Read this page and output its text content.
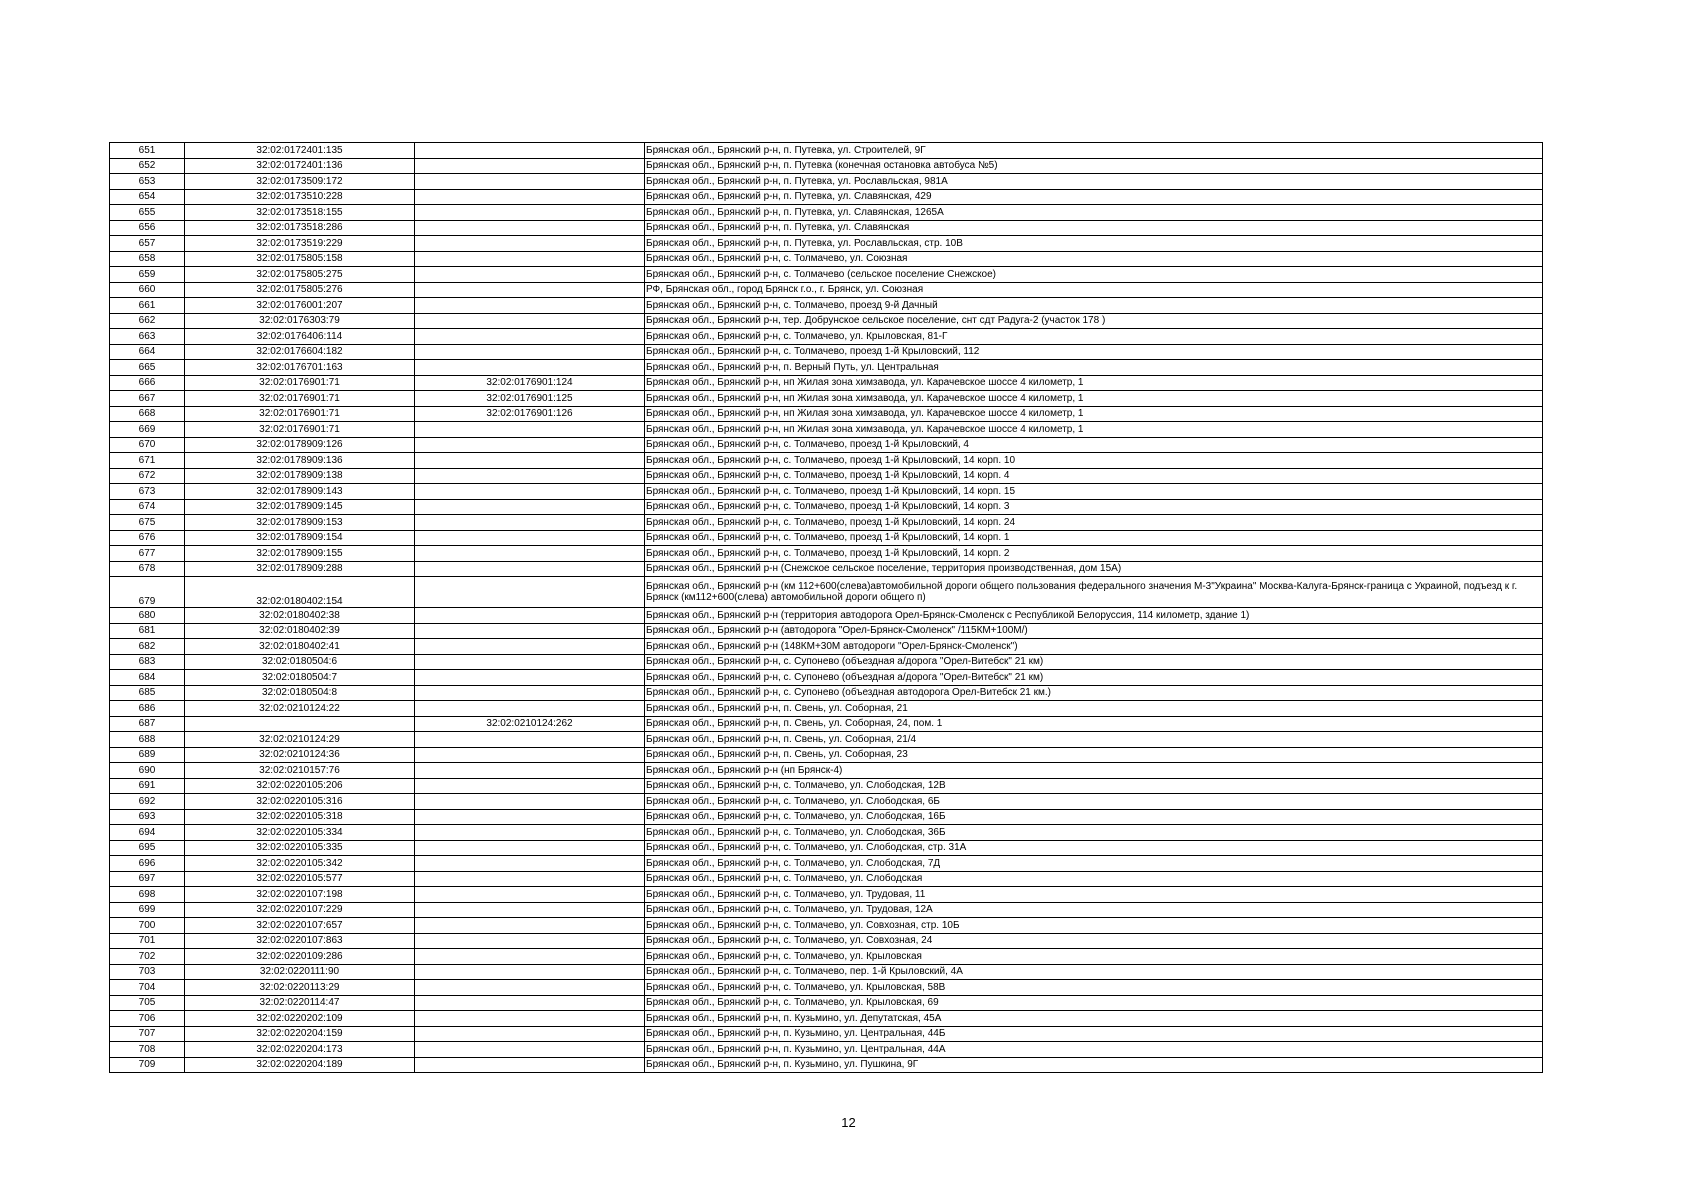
651	32:02:0172401:135		Брянская обл., Брянский р-н, п. Путевка, ул. Строителей, 9Г
652	32:02:0172401:136		Брянская обл., Брянский р-н, п. Путевка (конечная остановка автобуса №5)
653	32:02:0173509:172		Брянская обл., Брянский р-н, п. Путевка, ул. Рославльская, 981А
654	32:02:0173510:228		Брянская обл., Брянский р-н, п. Путевка, ул. Славянская, 429
655	32:02:0173518:155		Брянская обл., Брянский р-н, п. Путевка, ул. Славянская, 1265А
656	32:02:0173518:286		Брянская обл., Брянский р-н, п. Путевка, ул. Славянская
657	32:02:0173519:229		Брянская обл., Брянский р-н, п. Путевка, ул. Рославльская, стр. 10В
658	32:02:0175805:158		Брянская обл., Брянский р-н, с. Толмачево, ул. Союзная
659	32:02:0175805:275		Брянская обл., Брянский р-н, с. Толмачево (сельское поселение Снежское)
660	32:02:0175805:276		РФ, Брянская обл., город Брянск г.о., г. Брянск, ул. Союзная
661	32:02:0176001:207		Брянская обл., Брянский р-н, с. Толмачево, проезд 9-й Дачный
662	32:02:0176303:79		Брянская обл., Брянский р-н, тер. Добрунское сельское поселение, снт сдт Радуга-2 (участок 178 )
663	32:02:0176406:114		Брянская обл., Брянский р-н, с. Толмачево, ул. Крыловская, 81-Г
664	32:02:0176604:182		Брянская обл., Брянский р-н, с. Толмачево, проезд 1-й Крыловский, 112
665	32:02:0176701:163		Брянская обл., Брянский р-н, п. Верный Путь, ул. Центральная
666	32:02:0176901:71	32:02:0176901:124	Брянская обл., Брянский р-н, нп Жилая зона химзавода, ул. Карачевское шоссе 4 километр, 1
667	32:02:0176901:71	32:02:0176901:125	Брянская обл., Брянский р-н, нп Жилая зона химзавода, ул. Карачевское шоссе 4 километр, 1
668	32:02:0176901:71	32:02:0176901:126	Брянская обл., Брянский р-н, нп Жилая зона химзавода, ул. Карачевское шоссе 4 километр, 1
669	32:02:0176901:71		Брянская обл., Брянский р-н, нп Жилая зона химзавода, ул. Карачевское шоссе 4 километр, 1
670	32:02:0178909:126		Брянская обл., Брянский р-н, с. Толмачево, проезд 1-й Крыловский, 4
671	32:02:0178909:136		Брянская обл., Брянский р-н, с. Толмачево, проезд 1-й Крыловский, 14 корп. 10
672	32:02:0178909:138		Брянская обл., Брянский р-н, с. Толмачево, проезд 1-й Крыловский, 14 корп. 4
673	32:02:0178909:143		Брянская обл., Брянский р-н, с. Толмачево, проезд 1-й Крыловский, 14 корп. 15
674	32:02:0178909:145		Брянская обл., Брянский р-н, с. Толмачево, проезд 1-й Крыловский, 14 корп. 3
675	32:02:0178909:153		Брянская обл., Брянский р-н, с. Толмачево, проезд 1-й Крыловский, 14 корп. 24
676	32:02:0178909:154		Брянская обл., Брянский р-н, с. Толмачево, проезд 1-й Крыловский, 14 корп. 1
677	32:02:0178909:155		Брянская обл., Брянский р-н, с. Толмачево, проезд 1-й Крыловский, 14 корп. 2
678	32:02:0178909:288		Брянская обл., Брянский р-н (Снежское сельское поселение, территория производственная, дом 15А)
679	32:02:0180402:154		Брянская обл., Брянский р-н (км 112+600(слева)автомобильной дороги общего пользования федерального значения М-3"Украина" Москва-Калуга-Брянск-граница с Украиной, подъезд к г. Брянск (км112+600(слева) автомобильной дороги общего п)
680	32:02:0180402:38		Брянская обл., Брянский р-н (территория автодорога Орел-Брянск-Смоленск с Республикой Белоруссия, 114 километр, здание 1)
681	32:02:0180402:39		Брянская обл., Брянский р-н (автодорога "Орел-Брянск-Смоленск" /115КМ+100М/)
682	32:02:0180402:41		Брянская обл., Брянский р-н (148КМ+30М автодороги "Орел-Брянск-Смоленск")
683	32:02:0180504:6		Брянская обл., Брянский р-н, с. Супонево (объездная а/дорога "Орел-Витебск" 21 км)
684	32:02:0180504:7		Брянская обл., Брянский р-н, с. Супонево (объездная а/дорога "Орел-Витебск" 21 км)
685	32:02:0180504:8		Брянская обл., Брянский р-н, с. Супонево (объездная автодорога Орел-Витебск 21 км.)
686	32:02:0210124:22		Брянская обл., Брянский р-н, п. Свень, ул. Соборная, 21
687		32:02:0210124:262	Брянская обл., Брянский р-н, п. Свень, ул. Соборная, 24, пом. 1
688	32:02:0210124:29		Брянская обл., Брянский р-н, п. Свень, ул. Соборная, 21/4
689	32:02:0210124:36		Брянская обл., Брянский р-н, п. Свень, ул. Соборная, 23
690	32:02:0210157:76		Брянская обл., Брянский р-н (нп Брянск-4)
691	32:02:0220105:206		Брянская обл., Брянский р-н, с. Толмачево, ул. Слободская, 12В
692	32:02:0220105:316		Брянская обл., Брянский р-н, с. Толмачево, ул. Слободская, 6Б
693	32:02:0220105:318		Брянская обл., Брянский р-н, с. Толмачево, ул. Слободская, 16Б
694	32:02:0220105:334		Брянская обл., Брянский р-н, с. Толмачево, ул. Слободская, 36Б
695	32:02:0220105:335		Брянская обл., Брянский р-н, с. Толмачево, ул. Слободская, стр. 31А
696	32:02:0220105:342		Брянская обл., Брянский р-н, с. Толмачево, ул. Слободская, 7Д
697	32:02:0220105:577		Брянская обл., Брянский р-н, с. Толмачево, ул. Слободская
698	32:02:0220107:198		Брянская обл., Брянский р-н, с. Толмачево, ул. Трудовая, 11
699	32:02:0220107:229		Брянская обл., Брянский р-н, с. Толмачево, ул. Трудовая, 12А
700	32:02:0220107:657		Брянская обл., Брянский р-н, с. Толмачево, ул. Совхозная, стр. 10Б
701	32:02:0220107:863		Брянская обл., Брянский р-н, с. Толмачево, ул. Совхозная, 24
702	32:02:0220109:286		Брянская обл., Брянский р-н, с. Толмачево, ул. Крыловская
703	32:02:0220111:90		Брянская обл., Брянский р-н, с. Толмачево, пер. 1-й Крыловский, 4А
704	32:02:0220113:29		Брянская обл., Брянский р-н, с. Толмачево, ул. Крыловская, 58В
705	32:02:0220114:47		Брянская обл., Брянский р-н, с. Толмачево, ул. Крыловская, 69
706	32:02:0220202:109		Брянская обл., Брянский р-н, п. Кузьмино, ул. Депутатская, 45А
707	32:02:0220204:159		Брянская обл., Брянский р-н, п. Кузьмино, ул. Центральная, 44Б
708	32:02:0220204:173		Брянская обл., Брянский р-н, п. Кузьмино, ул. Центральная, 44А
709	32:02:0220204:189		Брянская обл., Брянский р-н, п. Кузьмино, ул. Пушкина, 9Г
12
